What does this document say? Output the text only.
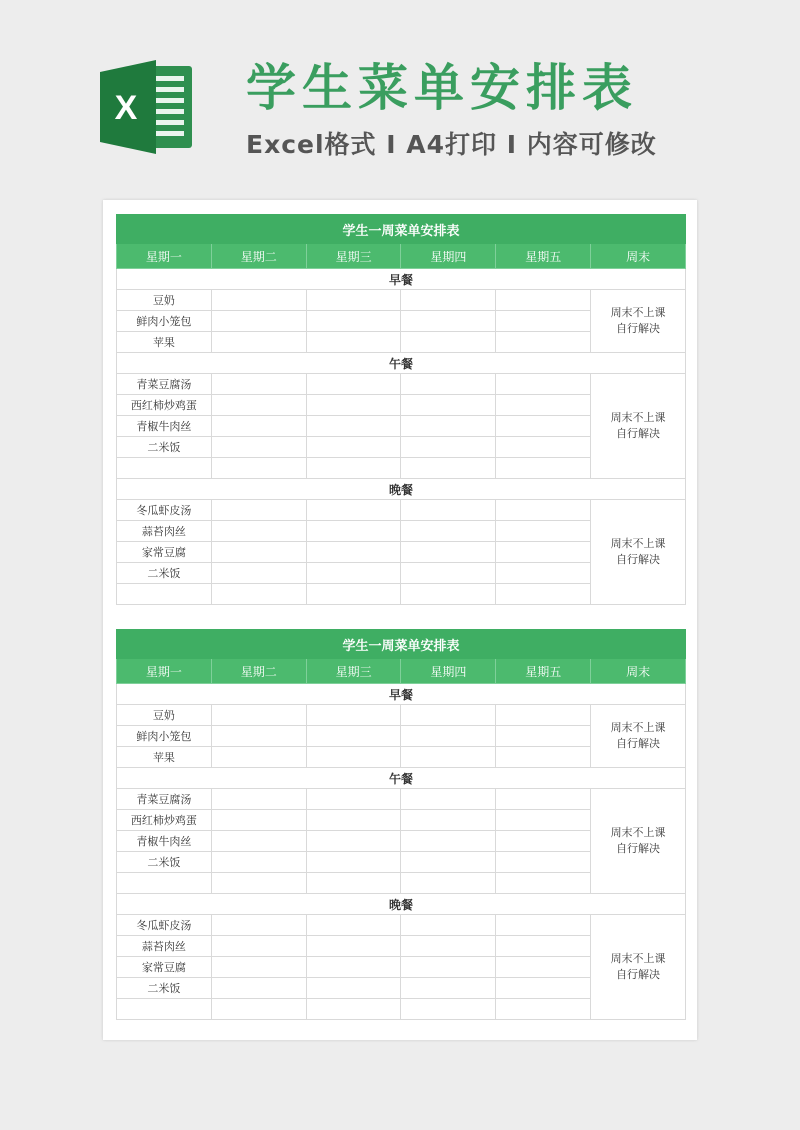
X 学生菜单安排表
Excel格式 I A4打印 I 内容可修改
学生一周菜单安排表					
星期一	星期二	星期三	星期四	星期五	周末
早餐					
豆奶					周末不上课
自行解决
鲜肉小笼包					
苹果					
午餐					
青菜豆腐汤					周末不上课
自行解决
西红柿炒鸡蛋					
青椒牛肉丝					
二米饭					

晚餐					
冬瓜虾皮汤					周末不上课
自行解决
蒜苔肉丝					
家常豆腐					
二米饭					

学生一周菜单安排表					
星期一	星期二	星期三	星期四	星期五	周末
早餐					
豆奶					周末不上课
自行解决
鲜肉小笼包					
苹果					
午餐					
青菜豆腐汤					周末不上课
自行解决
西红柿炒鸡蛋					
青椒牛肉丝					
二米饭					

晚餐					
冬瓜虾皮汤					周末不上课
自行解决
蒜苔肉丝					
家常豆腐					
二米饭					
